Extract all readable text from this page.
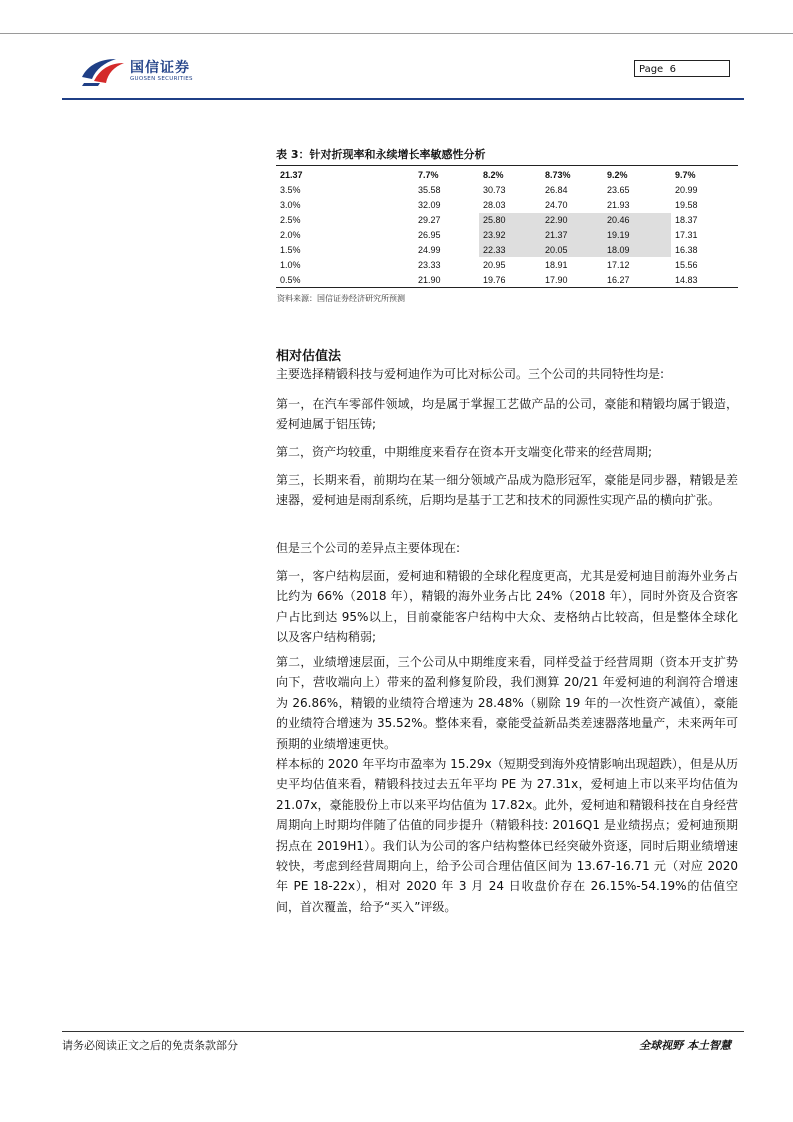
国信证券
GUOSEN SECURITIES
Page 6
表 3：针对折现率和永续增长率敏感性分析
21.37	7.7%	8.2%	8.73%	9.2%	9.7%
3.5%	35.58	30.73	26.84	23.65	20.99
3.0%	32.09	28.03	24.70	21.93	19.58
2.5%	29.27	25.80	22.90	20.46	18.37
2.0%	26.95	23.92	21.37	19.19	17.31
1.5%	24.99	22.33	20.05	18.09	16.38
1.0%	23.33	20.95	18.91	17.12	15.56
0.5%	21.90	19.76	17.90	16.27	14.83
资料来源：国信证券经济研究所预测
相对估值法

主要选择精锻科技与爱柯迪作为可比对标公司。三个公司的共同特性均是:

第一，在汽车零部件领域，均是属于掌握工艺做产品的公司，豪能和精锻均属于锻造，爱柯迪属于铝压铸;

第二，资产均较重，中期维度来看存在资本开支端变化带来的经营周期;

第三，长期来看，前期均在某一细分领域产品成为隐形冠军，豪能是同步器，精锻是差速器，爱柯迪是雨刮系统，后期均是基于工艺和技术的同源性实现产品的横向扩张。

但是三个公司的差异点主要体现在:

第一，客户结构层面，爱柯迪和精锻的全球化程度更高，尤其是爱柯迪目前海外业务占比约为 66%（2018 年），精锻的海外业务占比 24%（2018 年），同时外资及合资客户占比到达 95%以上，目前豪能客户结构中大众、麦格纳占比较高，但是整体全球化以及客户结构稍弱;

第二，业绩增速层面，三个公司从中期维度来看，同样受益于经营周期（资本开支扩势向下，营收端向上）带来的盈利修复阶段，我们测算 20/21 年爱柯迪的利润符合增速为 26.86%，精锻的业绩符合增速为 28.48%（剔除 19 年的一次性资产减值），豪能的业绩符合增速为 35.52%。整体来看，豪能受益新品类差速器落地量产，未来两年可预期的业绩增速更快。

样本标的 2020 年平均市盈率为 15.29x（短期受到海外疫情影响出现超跌），但是从历史平均估值来看，精锻科技过去五年平均 PE 为 27.31x，爱柯迪上市以来平均估值为 21.07x，豪能股份上市以来平均估值为 17.82x。此外，爱柯迪和精锻科技在自身经营周期向上时期均伴随了估值的同步提升（精锻科技: 2016Q1 是业绩拐点；爱柯迪预期拐点在 2019H1）。我们认为公司的客户结构整体已经突破外资逐，同时后期业绩增速较快，考虑到经营周期向上，给予公司合理估值区间为 13.67-16.71 元（对应 2020 年 PE 18-22x），相对 2020 年 3 月 24 日收盘价存在 26.15%-54.19%的估值空间，首次覆盖，给予“买入”评级。

请务必阅读正文之后的免责条款部分	全球视野 本土智慧
